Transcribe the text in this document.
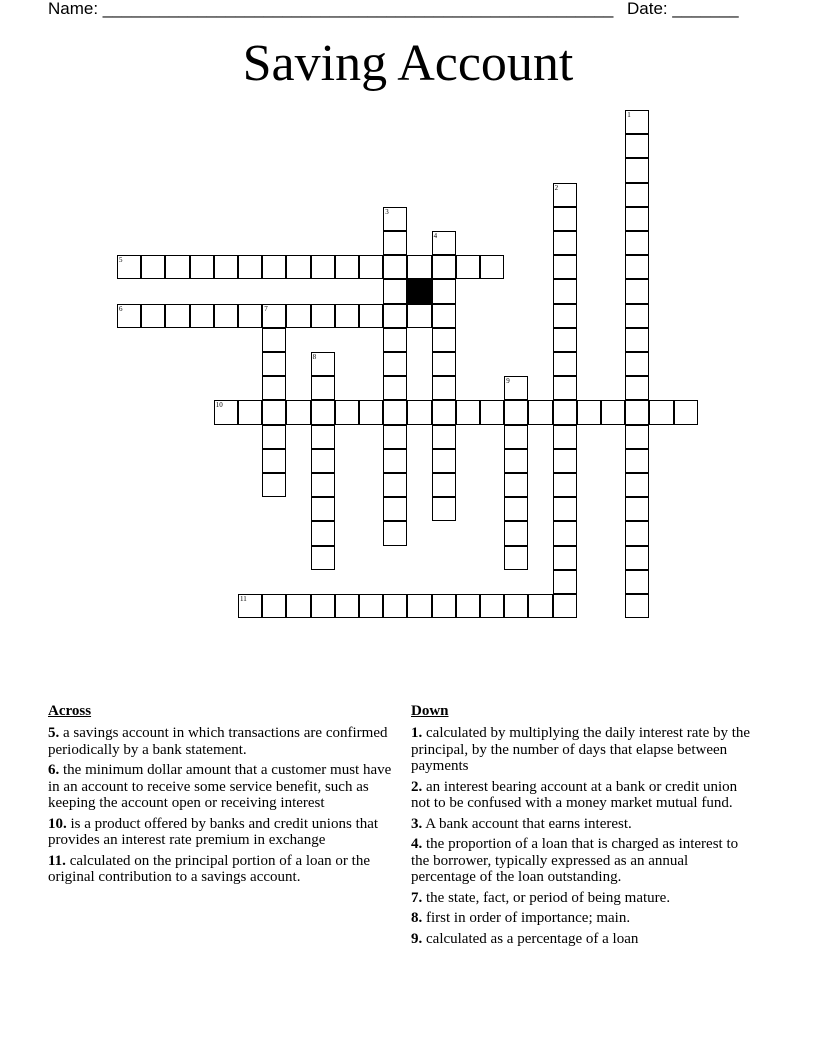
Name: ______________________________________________________

Date: _______

Saving Account
1
2
3
4
5
6	7
8
9
10
11
Across
5. a savings account in which transactions are confirmed periodically by a bank statement.
6. the minimum dollar amount that a customer must have in an account to receive some service benefit, such as keeping the account open or receiving interest
10. is a product offered by banks and credit unions that provides an interest rate premium in exchange
11. calculated on the principal portion of a loan or the original contribution to a savings account.
Down
1. calculated by multiplying the daily interest rate by the principal, by the number of days that elapse between payments
2. an interest bearing account at a bank or credit union not to be confused with a money market mutual fund.
3. A bank account that earns interest.
4. the proportion of a loan that is charged as interest to the borrower, typically expressed as an annual percentage of the loan outstanding.
7. the state, fact, or period of being mature.
8. first in order of importance; main.
9. calculated as a percentage of a loan
